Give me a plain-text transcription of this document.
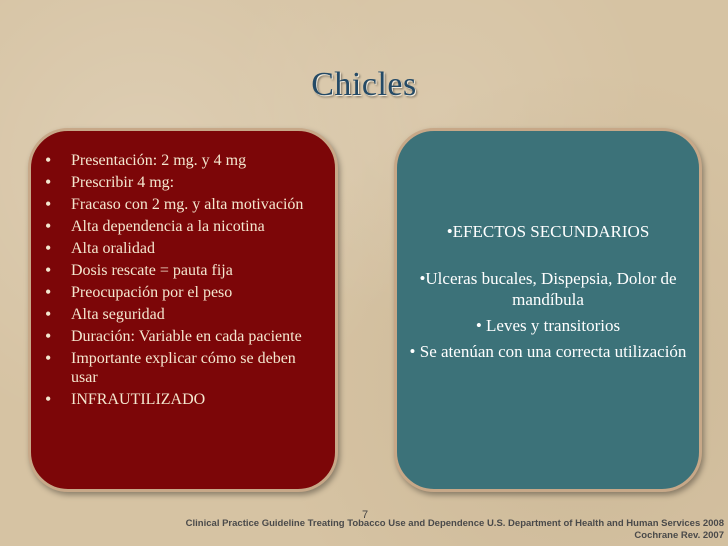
Chicles
• Presentación: 2 mg. y 4 mg
• Prescribir 4 mg:
• Fracaso con 2 mg. y alta motivación
• Alta dependencia a la nicotina
• Alta oralidad
• Dosis rescate = pauta fija
• Preocupación por el peso
• Alta seguridad
• Duración: Variable en cada paciente
• Importante explicar cómo se deben usar
• INFRAUTILIZADO
•EFECTOS SECUNDARIOS
•Ulceras bucales, Dispepsia, Dolor de mandíbula
• Leves y transitorios
• Se atenúan con una correcta utilización
7
Clinical Practice Guideline Treating Tobacco Use and Dependence U.S. Department of Health and Human Services 2008
Cochrane Rev. 2007
